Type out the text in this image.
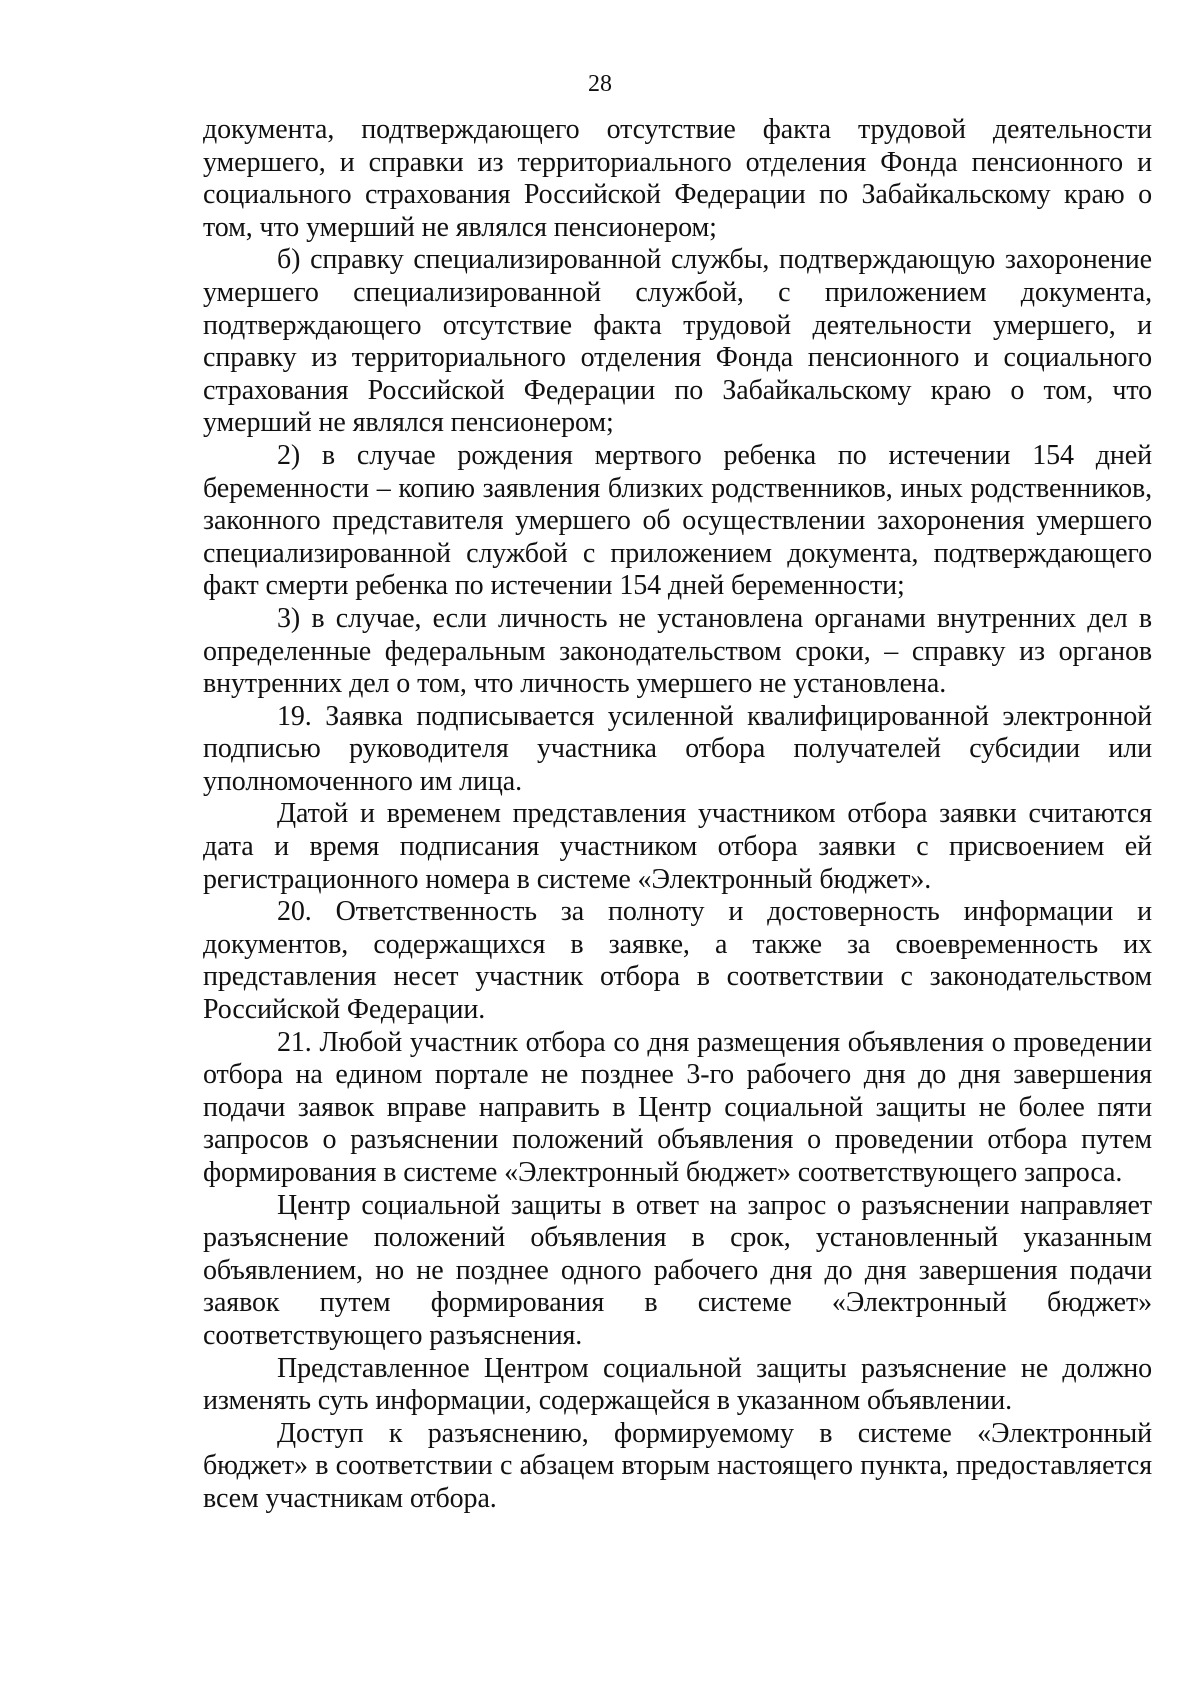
28

документа, подтверждающего отсутствие факта трудовой деятельности умершего, и справки из территориального отделения Фонда пенсионного и социального страхования Российской Федерации по Забайкальскому краю о том, что умерший не являлся пенсионером;

б) справку специализированной службы, подтверждающую захоронение умершего специализированной службой, с приложением документа, подтверждающего отсутствие факта трудовой деятельности умершего, и справку из территориального отделения Фонда пенсионного и социального страхования Российской Федерации по Забайкальскому краю о том, что умерший не являлся пенсионером;

2) в случае рождения мертвого ребенка по истечении 154 дней беременности – копию заявления близких родственников, иных родственников, законного представителя умершего об осуществлении захоронения умершего специализированной службой с приложением документа, подтверждающего факт смерти ребенка по истечении 154 дней беременности;

3) в случае, если личность не установлена органами внутренних дел в определенные федеральным законодательством сроки, – справку из органов внутренних дел о том, что личность умершего не установлена.

19. Заявка подписывается усиленной квалифицированной электронной подписью руководителя участника отбора получателей субсидии или уполномоченного им лица.

Датой и временем представления участником отбора заявки считаются дата и время подписания участником отбора заявки с присвоением ей регистрационного номера в системе «Электронный бюджет».

20. Ответственность за полноту и достоверность информации и документов, содержащихся в заявке, а также за своевременность их представления несет участник отбора в соответствии с законодательством Российской Федерации.

21. Любой участник отбора со дня размещения объявления о проведении отбора на едином портале не позднее 3-го рабочего дня до дня завершения подачи заявок вправе направить в Центр социальной защиты не более пяти запросов о разъяснении положений объявления о проведении отбора путем формирования в системе «Электронный бюджет» соответствующего запроса.

Центр социальной защиты в ответ на запрос о разъяснении направляет разъяснение положений объявления в срок, установленный указанным объявлением, но не позднее одного рабочего дня до дня завершения подачи заявок путем формирования в системе «Электронный бюджет» соответствующего разъяснения.

Представленное Центром социальной защиты разъяснение не должно изменять суть информации, содержащейся в указанном объявлении.

Доступ к разъяснению, формируемому в системе «Электронный бюджет» в соответствии с абзацем вторым настоящего пункта, предоставляется всем участникам отбора.
